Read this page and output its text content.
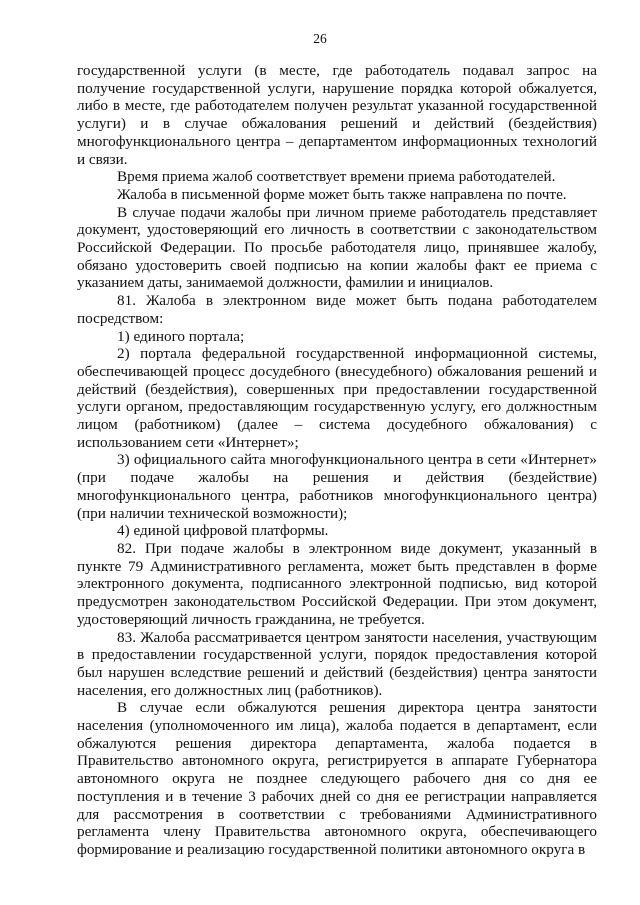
26

государственной услуги (в месте, где работодатель подавал запрос на получение государственной услуги, нарушение порядка которой обжалуется, либо в месте, где работодателем получен результат указанной государственной услуги) и в случае обжалования решений и действий (бездействия) многофункционального центра – департаментом информационных технологий и связи.

Время приема жалоб соответствует времени приема работодателей.

Жалоба в письменной форме может быть также направлена по почте.

В случае подачи жалобы при личном приеме работодатель представляет документ, удостоверяющий его личность в соответствии с законодательством Российской Федерации. По просьбе работодателя лицо, принявшее жалобу, обязано удостоверить своей подписью на копии жалобы факт ее приема с указанием даты, занимаемой должности, фамилии и инициалов.

81. Жалоба в электронном виде может быть подана работодателем посредством:

1) единого портала;

2) портала федеральной государственной информационной системы, обеспечивающей процесс досудебного (внесудебного) обжалования решений и действий (бездействия), совершенных при предоставлении государственной услуги органом, предоставляющим государственную услугу, его должностным лицом (работником) (далее – система досудебного обжалования) с использованием сети «Интернет»;

3) официального сайта многофункционального центра в сети «Интернет» (при подаче жалобы на решения и действия (бездействие) многофункционального центра, работников многофункционального центра) (при наличии технической возможности);

4) единой цифровой платформы.

82. При подаче жалобы в электронном виде документ, указанный в пункте 79 Административного регламента, может быть представлен в форме электронного документа, подписанного электронной подписью, вид которой предусмотрен законодательством Российской Федерации. При этом документ, удостоверяющий личность гражданина, не требуется.

83. Жалоба рассматривается центром занятости населения, участвующим в предоставлении государственной услуги, порядок предоставления которой был нарушен вследствие решений и действий (бездействия) центра занятости населения, его должностных лиц (работников).

В случае если обжалуются решения директора центра занятости населения (уполномоченного им лица), жалоба подается в департамент, если обжалуются решения директора департамента, жалоба подается в Правительство автономного округа, регистрируется в аппарате Губернатора автономного округа не позднее следующего рабочего дня со дня ее поступления и в течение 3 рабочих дней со дня ее регистрации направляется для рассмотрения в соответствии с требованиями Административного регламента члену Правительства автономного округа, обеспечивающего формирование и реализацию государственной политики автономного округа в
